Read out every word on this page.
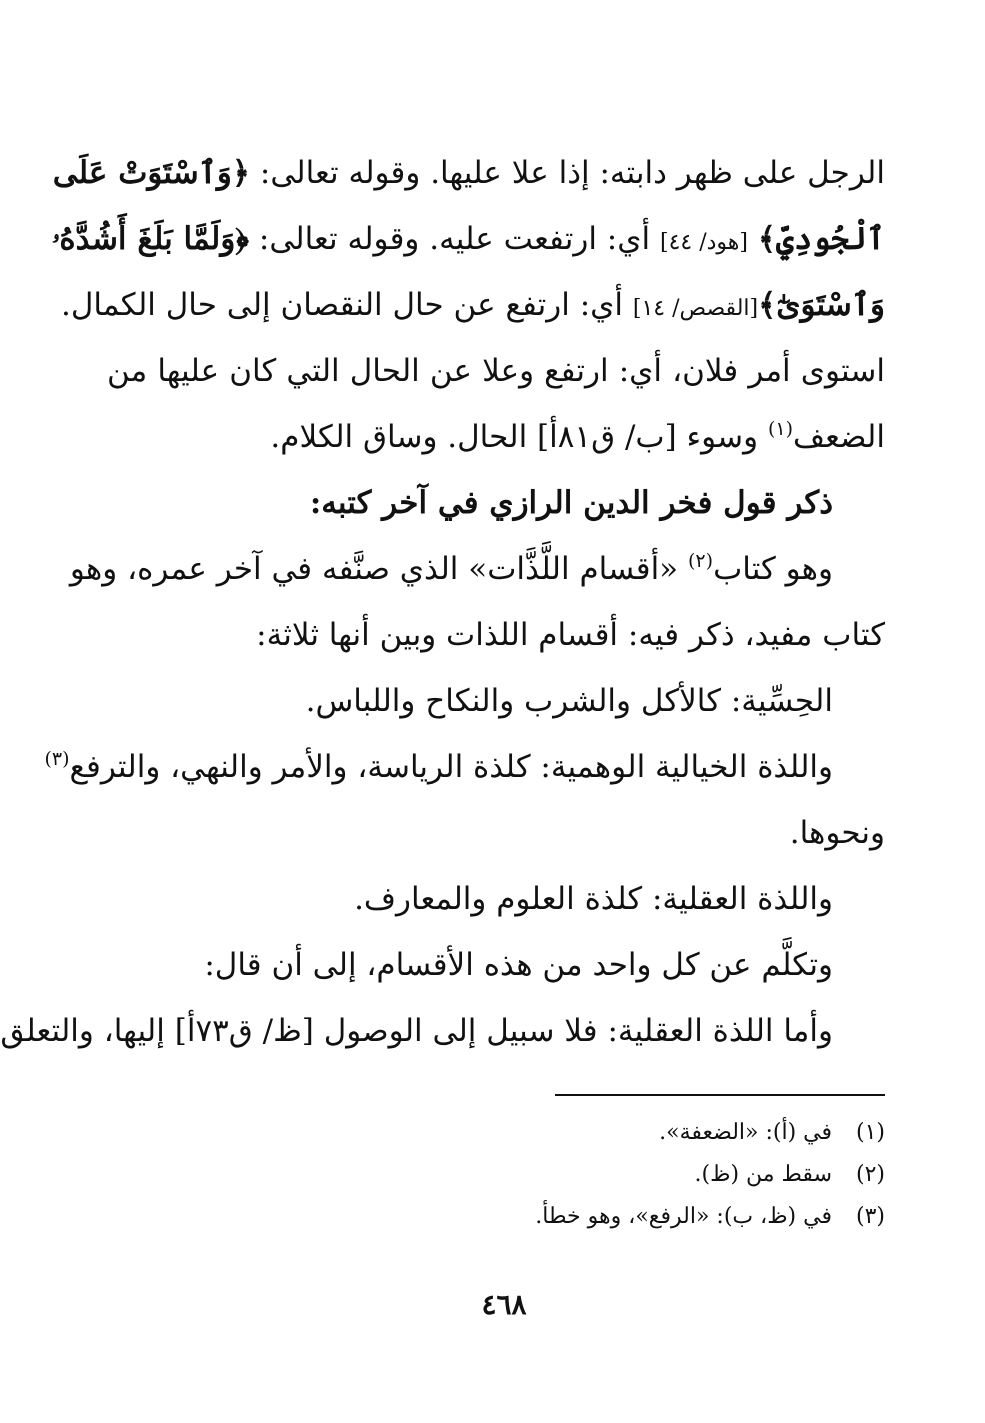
الرجل على ظهر دابته: إذا علا عليها. وقوله تعالى: ﴿وَٱسْتَوَتْ عَلَى
ٱلْجُودِيِّ﴾ [هود/ ٤٤] أي: ارتفعت عليه. وقوله تعالى: ﴿وَلَمَّا بَلَغَ أَشُدَّهُۥ
وَٱسْتَوَىٰٓ﴾[القصص/ ١٤] أي: ارتفع عن حال النقصان إلى حال الكمال.
استوى أمر فلان، أي: ارتفع وعلا عن الحال التي كان عليها من
الضعف$^{(١)}$ وسوء [ب/ ق٨١أ] الحال. وساق الكلام.
ذكر قول فخر الدين الرازي في آخر كتبه:
وهو كتاب$^{(٢)}$ «أقسام اللَّذَّات» الذي صنَّفه في آخر عمره، وهو
كتاب مفيد، ذكر فيه: أقسام اللذات وبين أنها ثلاثة:
الحِسِّية: كالأكل والشرب والنكاح واللباس.
واللذة الخيالية الوهمية: كلذة الرياسة، والأمر والنهي، والترفع$^{(٣)}$
ونحوها.
واللذة العقلية: كلذة العلوم والمعارف.
وتكلَّم عن كل واحد من هذه الأقسام، إلى أن قال:
وأما اللذة العقلية: فلا سبيل إلى الوصول [ظ/ ق٧٣أ] إليها، والتعلق
(١) في (أ): «الضعفة».
(٢) سقط من (ظ).
(٣) في (ظ، ب): «الرفع»، وهو خطأ.
٤٦٨
